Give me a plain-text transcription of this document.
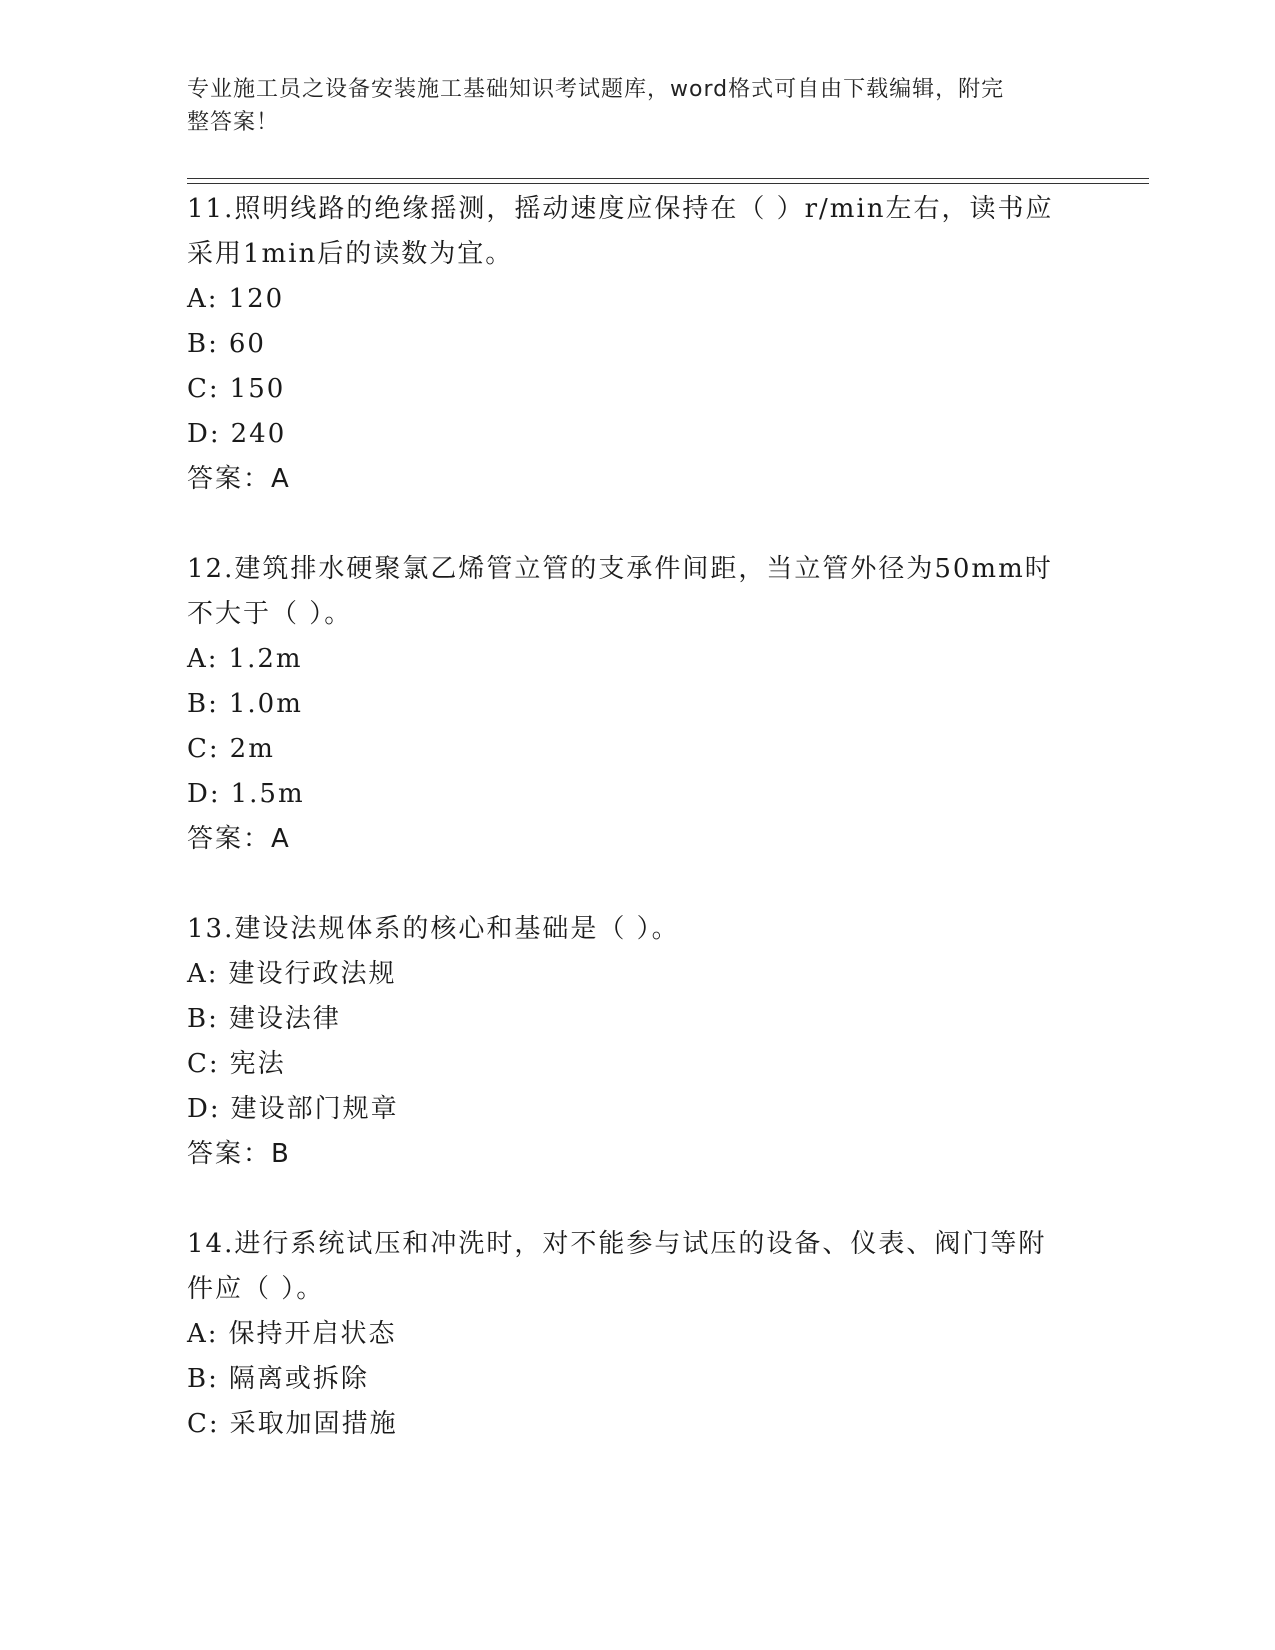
专业施工员之设备安装施工基础知识考试题库，word格式可自由下载编辑，附完
整答案！

11.照明线路的绝缘摇测，摇动速度应保持在（ ）r/min左右，读书应

采用1min后的读数为宜。

A: 120

B: 60

C: 150

D: 240

答案：A

12.建筑排水硬聚氯乙烯管立管的支承件间距，当立管外径为50mm时

不大于（ ）。

A: 1.2m

B: 1.0m

C: 2m

D: 1.5m

答案：A

13.建设法规体系的核心和基础是（ ）。

A: 建设行政法规

B: 建设法律

C: 宪法

D: 建设部门规章

答案：B

14.进行系统试压和冲洗时，对不能参与试压的设备、仪表、阀门等附

件应（ ）。

A: 保持开启状态

B: 隔离或拆除

C: 采取加固措施
